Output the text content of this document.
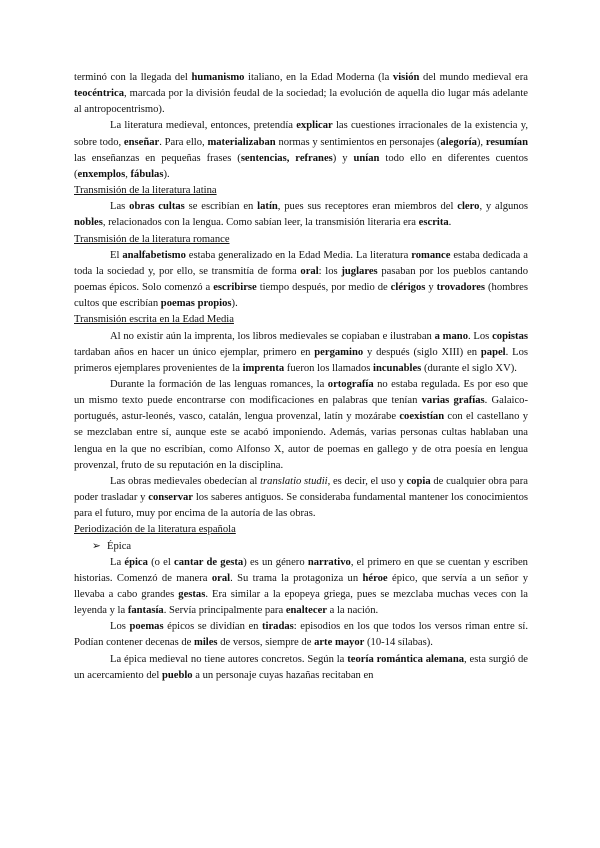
terminó con la llegada del humanismo italiano, en la Edad Moderna (la visión del mundo medieval era teocéntrica, marcada por la división feudal de la sociedad; la evolución de aquella dio lugar más adelante al antropocentrismo).

La literatura medieval, entonces, pretendía explicar las cuestiones irracionales de la existencia y, sobre todo, enseñar. Para ello, materializaban normas y sentimientos en personajes (alegoría), resumían las enseñanzas en pequeñas frases (sentencias, refranes) y unían todo ello en diferentes cuentos (enxemplos, fábulas).

Transmisión de la literatura latina

Las obras cultas se escribían en latín, pues sus receptores eran miembros del clero, y algunos nobles, relacionados con la lengua. Como sabían leer, la transmisión literaria era escrita.

Transmisión de la literatura romance

El analfabetismo estaba generalizado en la Edad Media. La literatura romance estaba dedicada a toda la sociedad y, por ello, se transmitía de forma oral: los juglares pasaban por los pueblos cantando poemas épicos. Solo comenzó a escribirse tiempo después, por medio de clérigos y trovadores (hombres cultos que escribían poemas propios).

Transmisión escrita en la Edad Media

Al no existir aún la imprenta, los libros medievales se copiaban e ilustraban a mano. Los copistas tardaban años en hacer un único ejemplar, primero en pergamino y después (siglo XIII) en papel. Los primeros ejemplares provenientes de la imprenta fueron los llamados incunables (durante el siglo XV).

Durante la formación de las lenguas romances, la ortografía no estaba regulada. Es por eso que un mismo texto puede encontrarse con modificaciones en palabras que tenían varias grafías. Galaico-portugués, astur-leonés, vasco, catalán, lengua provenzal, latín y mozárabe coexistían con el castellano y se mezclaban entre sí, aunque este se acabó imponiendo. Además, varias personas cultas hablaban una lengua en la que no escribían, como Alfonso X, autor de poemas en gallego y de otra poesía en lengua provenzal, fruto de su reputación en la disciplina.

Las obras medievales obedecían al translatio studii, es decir, el uso y copia de cualquier obra para poder trasladar y conservar los saberes antiguos. Se consideraba fundamental mantener los conocimientos para el futuro, muy por encima de la autoría de las obras.

Periodización de la literatura española

➢ Épica

La épica (o el cantar de gesta) es un género narrativo, el primero en que se cuentan y escriben historias. Comenzó de manera oral. Su trama la protagoniza un héroe épico, que servía a un señor y llevaba a cabo grandes gestas. Era similar a la epopeya griega, pues se mezclaba muchas veces con la leyenda y la fantasía. Servía principalmente para enaltecer a la nación.

Los poemas épicos se dividían en tiradas: episodios en los que todos los versos riman entre sí. Podían contener decenas de miles de versos, siempre de arte mayor (10-14 sílabas).

La épica medieval no tiene autores concretos. Según la teoría romántica alemana, esta surgió de un acercamiento del pueblo a un personaje cuyas hazañas recitaban en
